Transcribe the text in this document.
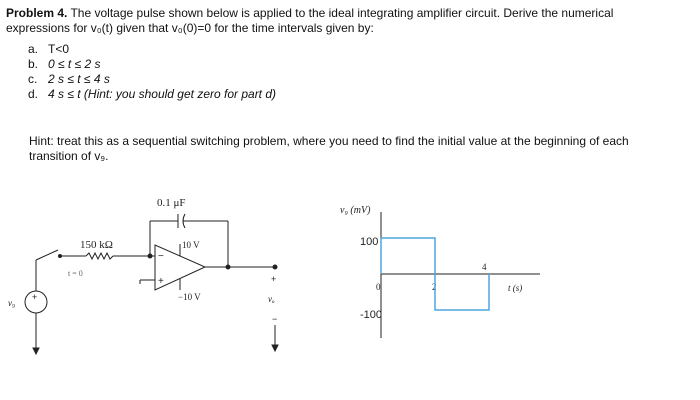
Problem 4. The voltage pulse shown below is applied to the ideal integrating amplifier circuit. Derive the numerical
expressions for v₀(t) given that v₀(0)=0 for the time intervals given by:
a. T<0
b. 0 ≤ t ≤ 2 s
c. 2 s ≤ t ≤ 4 s
d. 4 s ≤ t (Hint: you should get zero for part d)
Hint: treat this as a sequential switching problem, where you need to find the initial value at the beginning of each
transition of v₉.
0.1 μF
150 kΩ
t = 0
10 V
−10 V
−
+
+
v₉
+
vₒ
−
v₉ (mV)
t (s)
100
-100
0	2
4
